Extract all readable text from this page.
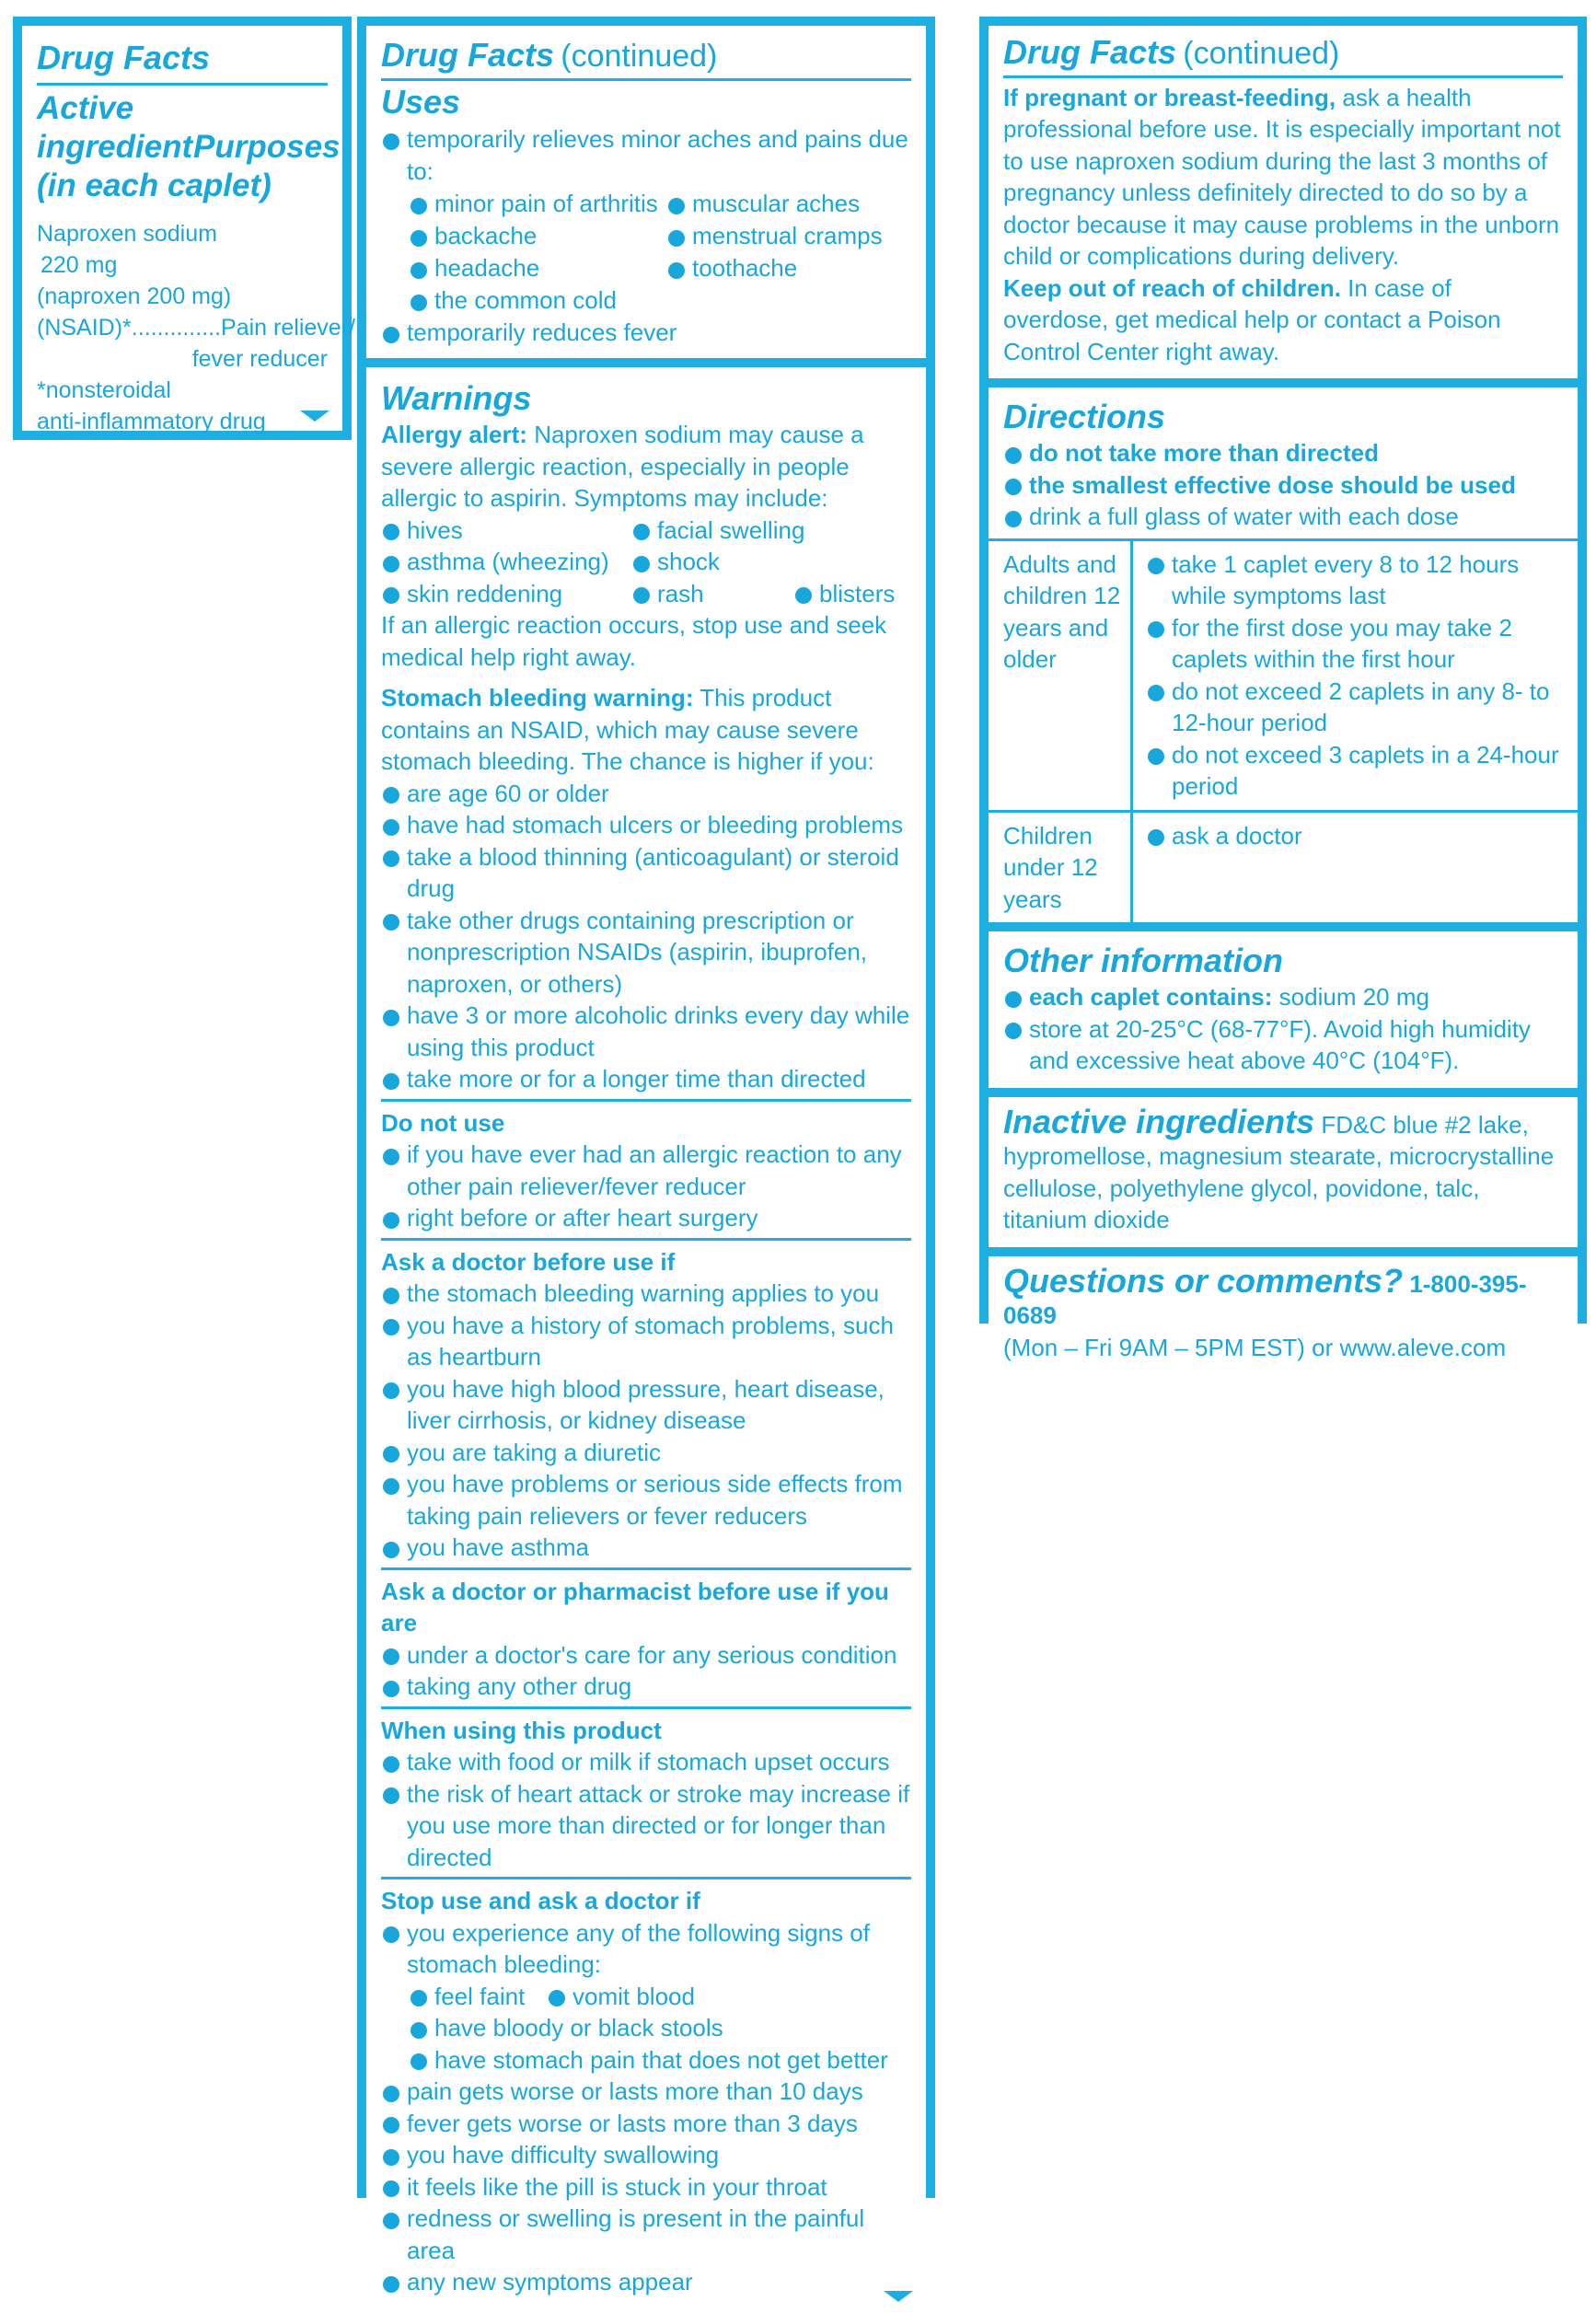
Drug Facts
Active ingredient Purposes
(in each caplet)
Naproxen sodium
220 mg
(naproxen 200 mg)
(NSAID)*..............Pain reliever/
fever reducer
*nonsteroidal
anti-inflammatory drug
Drug Facts (continued)
Uses
temporarily relieves minor aches and pains due to:
minor pain of arthritis
backache
headache
the common cold
muscular aches
menstrual cramps
toothache
temporarily reduces fever
Warnings
Allergy alert: Naproxen sodium may cause a severe allergic reaction, especially in people allergic to aspirin. Symptoms may include:
hives	facial swelling
asthma (wheezing)	shock
skin reddening	rash	blisters
If an allergic reaction occurs, stop use and seek medical help right away.
Stomach bleeding warning: This product contains an NSAID, which may cause severe stomach bleeding. The chance is higher if you:
are age 60 or older
have had stomach ulcers or bleeding problems
take a blood thinning (anticoagulant) or steroid drug
take other drugs containing prescription or nonprescription NSAIDs (aspirin, ibuprofen, naproxen, or others)
have 3 or more alcoholic drinks every day while using this product
take more or for a longer time than directed
Do not use
if you have ever had an allergic reaction to any other pain reliever/fever reducer
right before or after heart surgery
Ask a doctor before use if
the stomach bleeding warning applies to you
you have a history of stomach problems, such as heartburn
you have high blood pressure, heart disease, liver cirrhosis, or kidney disease
you are taking a diuretic
you have problems or serious side effects from taking pain relievers or fever reducers
you have asthma
Ask a doctor or pharmacist before use if you are
under a doctor's care for any serious condition
taking any other drug
When using this product
take with food or milk if stomach upset occurs
the risk of heart attack or stroke may increase if you use more than directed or for longer than directed
Stop use and ask a doctor if
you experience any of the following signs of stomach bleeding:
feel faint	vomit blood
have bloody or black stools
have stomach pain that does not get better
pain gets worse or lasts more than 10 days
fever gets worse or lasts more than 3 days
you have difficulty swallowing
it feels like the pill is stuck in your throat
redness or swelling is present in the painful area
any new symptoms appear
Drug Facts (continued)
If pregnant or breast-feeding, ask a health professional before use. It is especially important not to use naproxen sodium during the last 3 months of pregnancy unless definitely directed to do so by a doctor because it may cause problems in the unborn child or complications during delivery.
Keep out of reach of children. In case of overdose, get medical help or contact a Poison Control Center right away.
Directions
do not take more than directed
the smallest effective dose should be used
drink a full glass of water with each dose
Adults and children 12 years and older
take 1 caplet every 8 to 12 hours while symptoms last
for the first dose you may take 2 caplets within the first hour
do not exceed 2 caplets in any 8- to 12-hour period
do not exceed 3 caplets in a 24-hour period
Children under 12 years
ask a doctor
Other information
each caplet contains: sodium 20 mg
store at 20-25°C (68-77°F). Avoid high humidity and excessive heat above 40°C (104°F).
Inactive ingredients FD&C blue #2 lake, hypromellose, magnesium stearate, microcrystalline cellulose, polyethylene glycol, povidone, talc, titanium dioxide
Questions or comments? 1-800-395-0689
(Mon – Fri 9AM – 5PM EST) or www.aleve.com
